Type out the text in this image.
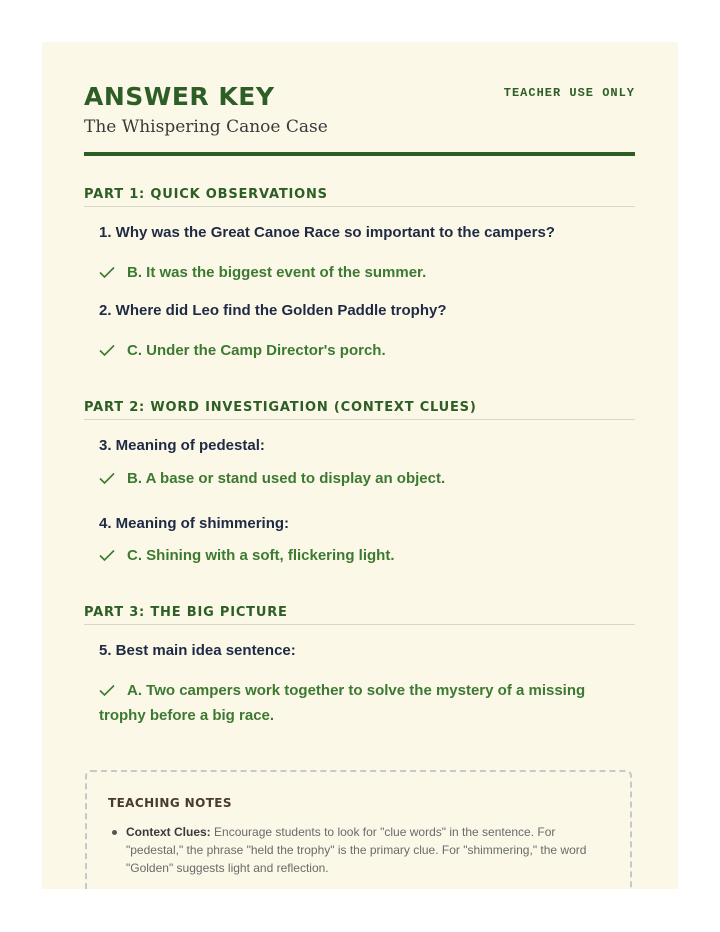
ANSWER KEY
The Whispering Canoe Case
TEACHER USE ONLY
PART 1: QUICK OBSERVATIONS
1. Why was the Great Canoe Race so important to the campers?
B. It was the biggest event of the summer.
2. Where did Leo find the Golden Paddle trophy?
C. Under the Camp Director's porch.
PART 2: WORD INVESTIGATION (CONTEXT CLUES)
3. Meaning of pedestal:
B. A base or stand used to display an object.
4. Meaning of shimmering:
C. Shining with a soft, flickering light.
PART 3: THE BIG PICTURE
5. Best main idea sentence:
A. Two campers work together to solve the mystery of a missing trophy before a big race.
TEACHING NOTES
Context Clues: Encourage students to look for "clue words" in the sentence. For "pedestal," the phrase "held the trophy" is the primary clue. For "shimmering," the word "Golden" suggests light and reflection.
